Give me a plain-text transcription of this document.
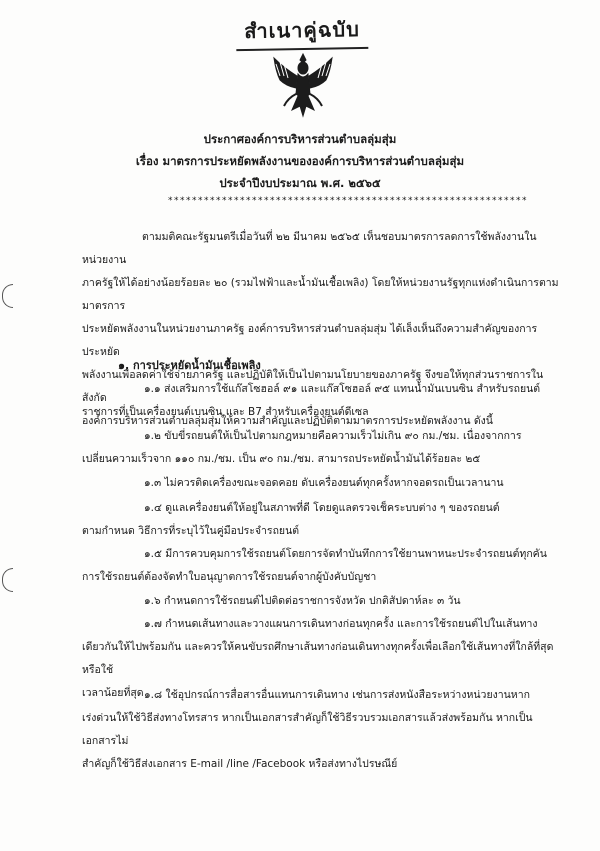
สำเนาคู่ฉบับ
ประกาศองค์การบริหารส่วนตำบลลุ่มสุ่ม
เรื่อง มาตรการประหยัดพลังงานขององค์การบริหารส่วนตำบลลุ่มสุ่ม
ประจำปีงบประมาณ พ.ศ. ๒๕๖๕
************************************************************
ตามมติคณะรัฐมนตรีเมื่อวันที่ ๒๒ มีนาคม ๒๕๖๕ เห็นชอบมาตรการลดการใช้พลังงานในหน่วยงาน
ภาครัฐให้ได้อย่างน้อยร้อยละ ๒๐ (รวมไฟฟ้าและน้ำมันเชื้อเพลิง) โดยให้หน่วยงานรัฐทุกแห่งดำเนินการตามมาตรการ
ประหยัดพลังงานในหน่วยงานภาครัฐ องค์การบริหารส่วนตำบลลุ่มสุ่ม ได้เล็งเห็นถึงความสำคัญของการประหยัด
พลังงานเพื่อลดค่าใช้จ่ายภาครัฐ และปฏิบัติให้เป็นไปตามนโยบายของภาครัฐ จึงขอให้ทุกส่วนราชการในสังกัด
องค์การบริหารส่วนตำบลลุ่มสุ่มให้ความสำคัญและปฏิบัติตามมาตรการประหยัดพลังงาน ดังนี้
๑. การประหยัดน้ำมันเชื้อเพลิง
๑.๑ ส่งเสริมการใช้แก๊สโซฮอล์ ๙๑ และแก๊สโซฮอล์ ๙๕ แทนน้ำมันเบนซิน สำหรับรถยนต์
ราชการที่เป็นเครื่องยนต์เบนซิน และ B7 สำหรับเครื่องยนต์ดีเซล
๑.๒ ขับขี่รถยนต์ให้เป็นไปตามกฎหมายคือความเร็วไม่เกิน ๙๐ กม./ชม. เนื่องจากการ
เปลี่ยนความเร็วจาก ๑๑๐ กม./ชม. เป็น ๙๐ กม./ชม. สามารถประหยัดน้ำมันได้ร้อยละ ๒๕
๑.๓ ไม่ควรติดเครื่องขณะจอดคอย ดับเครื่องยนต์ทุกครั้งหากจอดรถเป็นเวลานาน
๑.๔ ดูแลเครื่องยนต์ให้อยู่ในสภาพที่ดี โดยดูแลตรวจเช็คระบบต่าง ๆ ของรถยนต์
ตามกำหนด วิธีการที่ระบุไว้ในคู่มือประจำรถยนต์
๑.๕ มีการควบคุมการใช้รถยนต์โดยการจัดทำบันทึกการใช้ยานพาหนะประจำรถยนต์ทุกคัน
การใช้รถยนต์ต้องจัดทำใบอนุญาตการใช้รถยนต์จากผู้บังคับบัญชา
๑.๖ กำหนดการใช้รถยนต์ไปติดต่อราชการจังหวัด ปกติสัปดาห์ละ ๓ วัน
๑.๗ กำหนดเส้นทางและวางแผนการเดินทางก่อนทุกครั้ง และการใช้รถยนต์ไปในเส้นทาง
เดียวกันให้ไปพร้อมกัน และควรให้คนขับรถศึกษาเส้นทางก่อนเดินทางทุกครั้งเพื่อเลือกใช้เส้นทางที่ใกล้ที่สุดหรือใช้
เวลาน้อยที่สุด ๑.๘ ใช้อุปกรณ์การสื่อสารอื่นแทนการเดินทาง เช่นการส่งหนังสือระหว่างหน่วยงานหาก
เร่งด่วนให้ใช้วิธีส่งทางโทรสาร หากเป็นเอกสารสำคัญก็ใช้วิธีรวบรวมเอกสารแล้วส่งพร้อมกัน หากเป็นเอกสารไม่
สำคัญก็ใช้วิธีส่งเอกสาร E-mail /line /Facebook หรือส่งทางไปรษณีย์
